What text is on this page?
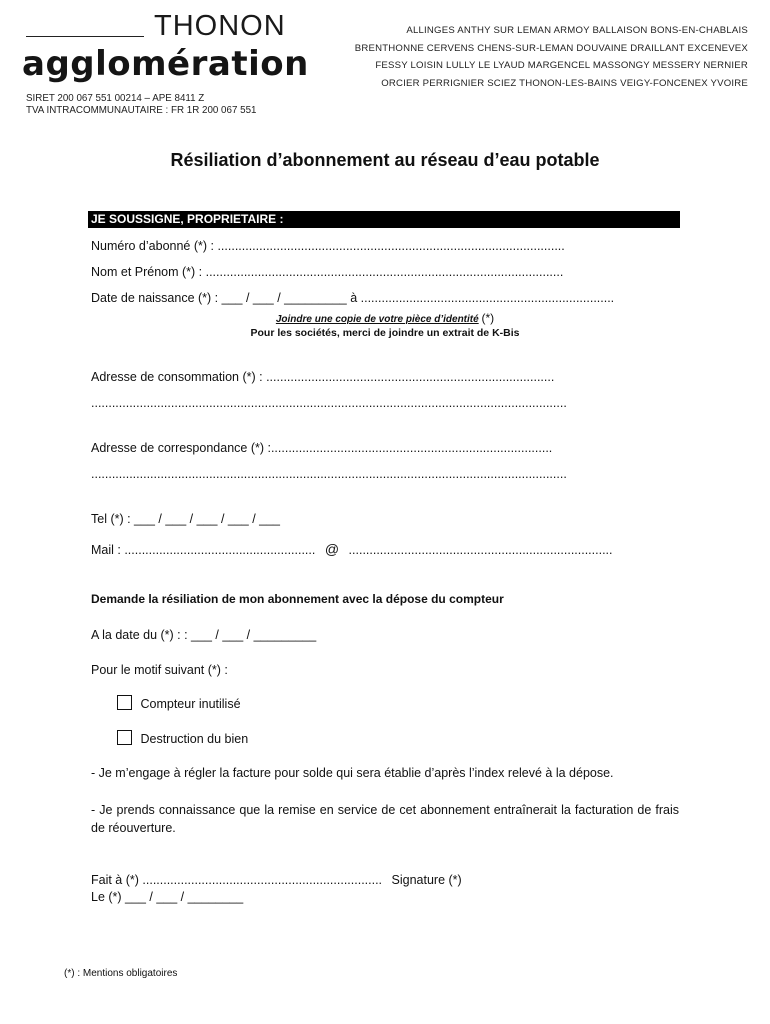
THONON
agglomération
ALLINGES ANTHY SUR LEMAN ARMOY BALLAISON BONS-EN-CHABLAIS
BRENTHONNE CERVENS CHENS-SUR-LEMAN DOUVAINE DRAILLANT EXCENEVEX
FESSY LOISIN LULLY LE LYAUD MARGENCEL MASSONGY MESSERY NERNIER
ORCIER PERRIGNIER SCIEZ THONON-LES-BAINS VEIGY-FONCENEX YVOIRE
SIRET 200 067 551 00214 – APE 8411 Z
TVA INTRACOMMUNAUTAIRE : FR 1R 200 067 551
Résiliation d’abonnement au réseau d’eau potable
JE SOUSSIGNE, PROPRIETAIRE :
Numéro d’abonné (*) : ....................................................................................................
Nom et Prénom (*) : .......................................................................................................
Date de naissance (*) : ___ / ___ / _________ à .........................................................................
Joindre une copie de votre pièce d’identité (*)
Pour les sociétés, merci de joindre un extrait de K-Bis
Adresse de consommation (*) : ...................................................................................
.........................................................................................................................................
Adresse de correspondance (*) :.................................................................................
.........................................................................................................................................
Tel (*) : ___ / ___ / ___ / ___ / ___
Mail : ....................................................... @ ............................................................................
Demande la résiliation de mon abonnement avec la dépose du compteur
A la date du (*) : : ___ / ___ / _________
Pour le motif suivant (*) :
Compteur inutilisé
Destruction du bien
- Je m’engage à régler la facture pour solde qui sera établie d’après l’index relevé à la dépose.
- Je prends connaissance que la remise en service de cet abonnement entraînerait la facturation de frais de réouverture.
Fait à (*) ..................................................................... Signature (*)
Le (*) ___ / ___ / ________
(*) : Mentions obligatoires
